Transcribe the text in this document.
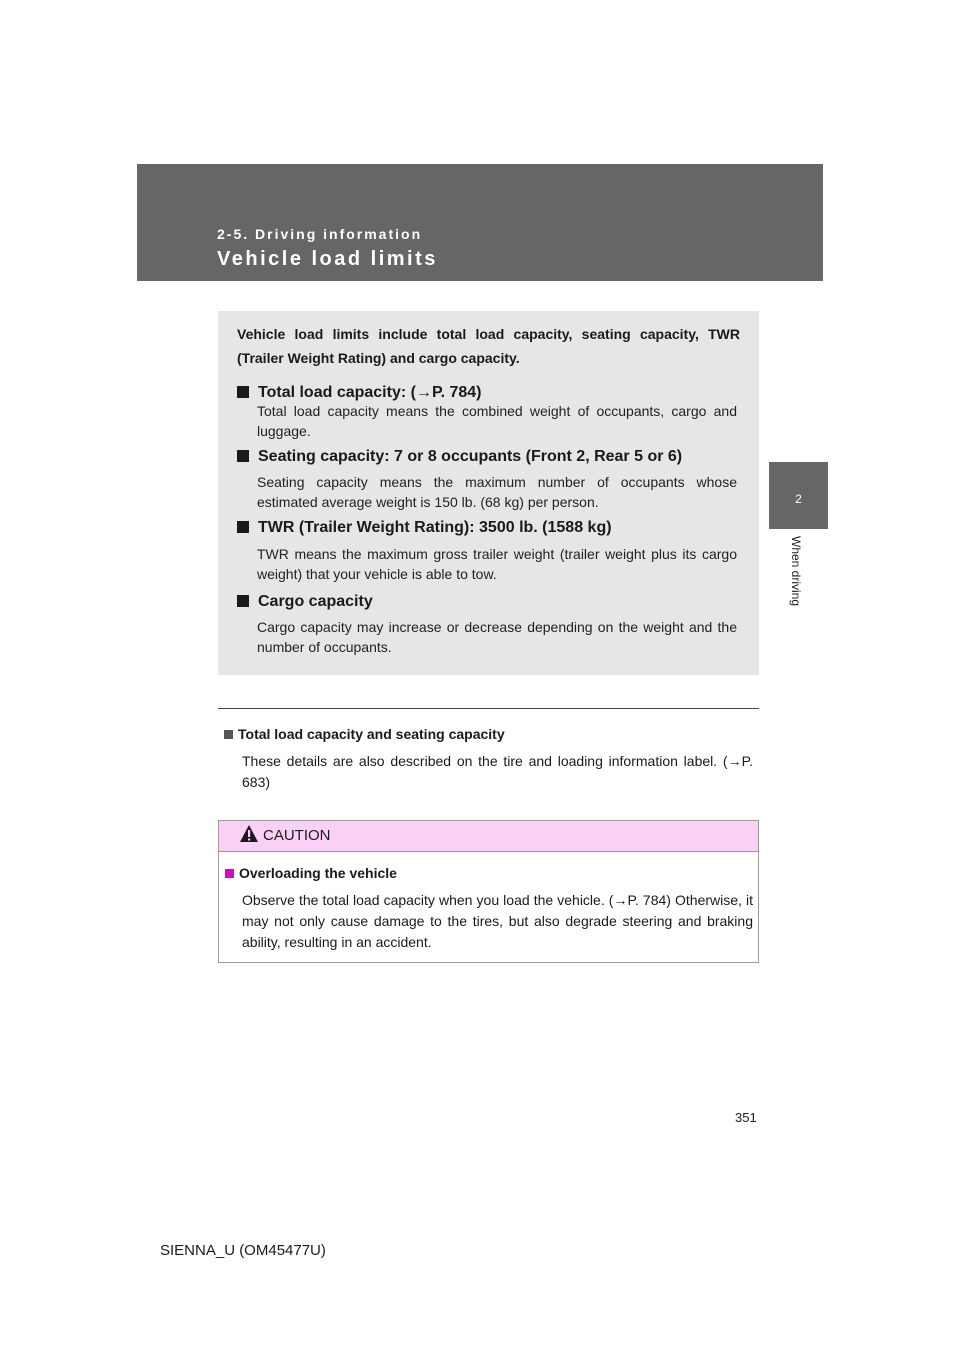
2-5. Driving information
Vehicle load limits
2
When driving
Vehicle load limits include total load capacity, seating capacity, TWR (Trailer Weight Rating) and cargo capacity.
Total load capacity: (→P. 784)
Total load capacity means the combined weight of occupants, cargo and luggage.
Seating capacity: 7 or 8 occupants (Front 2, Rear 5 or 6)
Seating capacity means the maximum number of occupants whose estimated average weight is 150 lb. (68 kg) per person.
TWR (Trailer Weight Rating): 3500 lb. (1588 kg)
TWR means the maximum gross trailer weight (trailer weight plus its cargo weight) that your vehicle is able to tow.
Cargo capacity
Cargo capacity may increase or decrease depending on the weight and the number of occupants.
Total load capacity and seating capacity
These details are also described on the tire and loading information label. (→P. 683)
CAUTION
Overloading the vehicle
Observe the total load capacity when you load the vehicle. (→P. 784) Otherwise, it may not only cause damage to the tires, but also degrade steering and braking ability, resulting in an accident.
351
SIENNA_U (OM45477U)
